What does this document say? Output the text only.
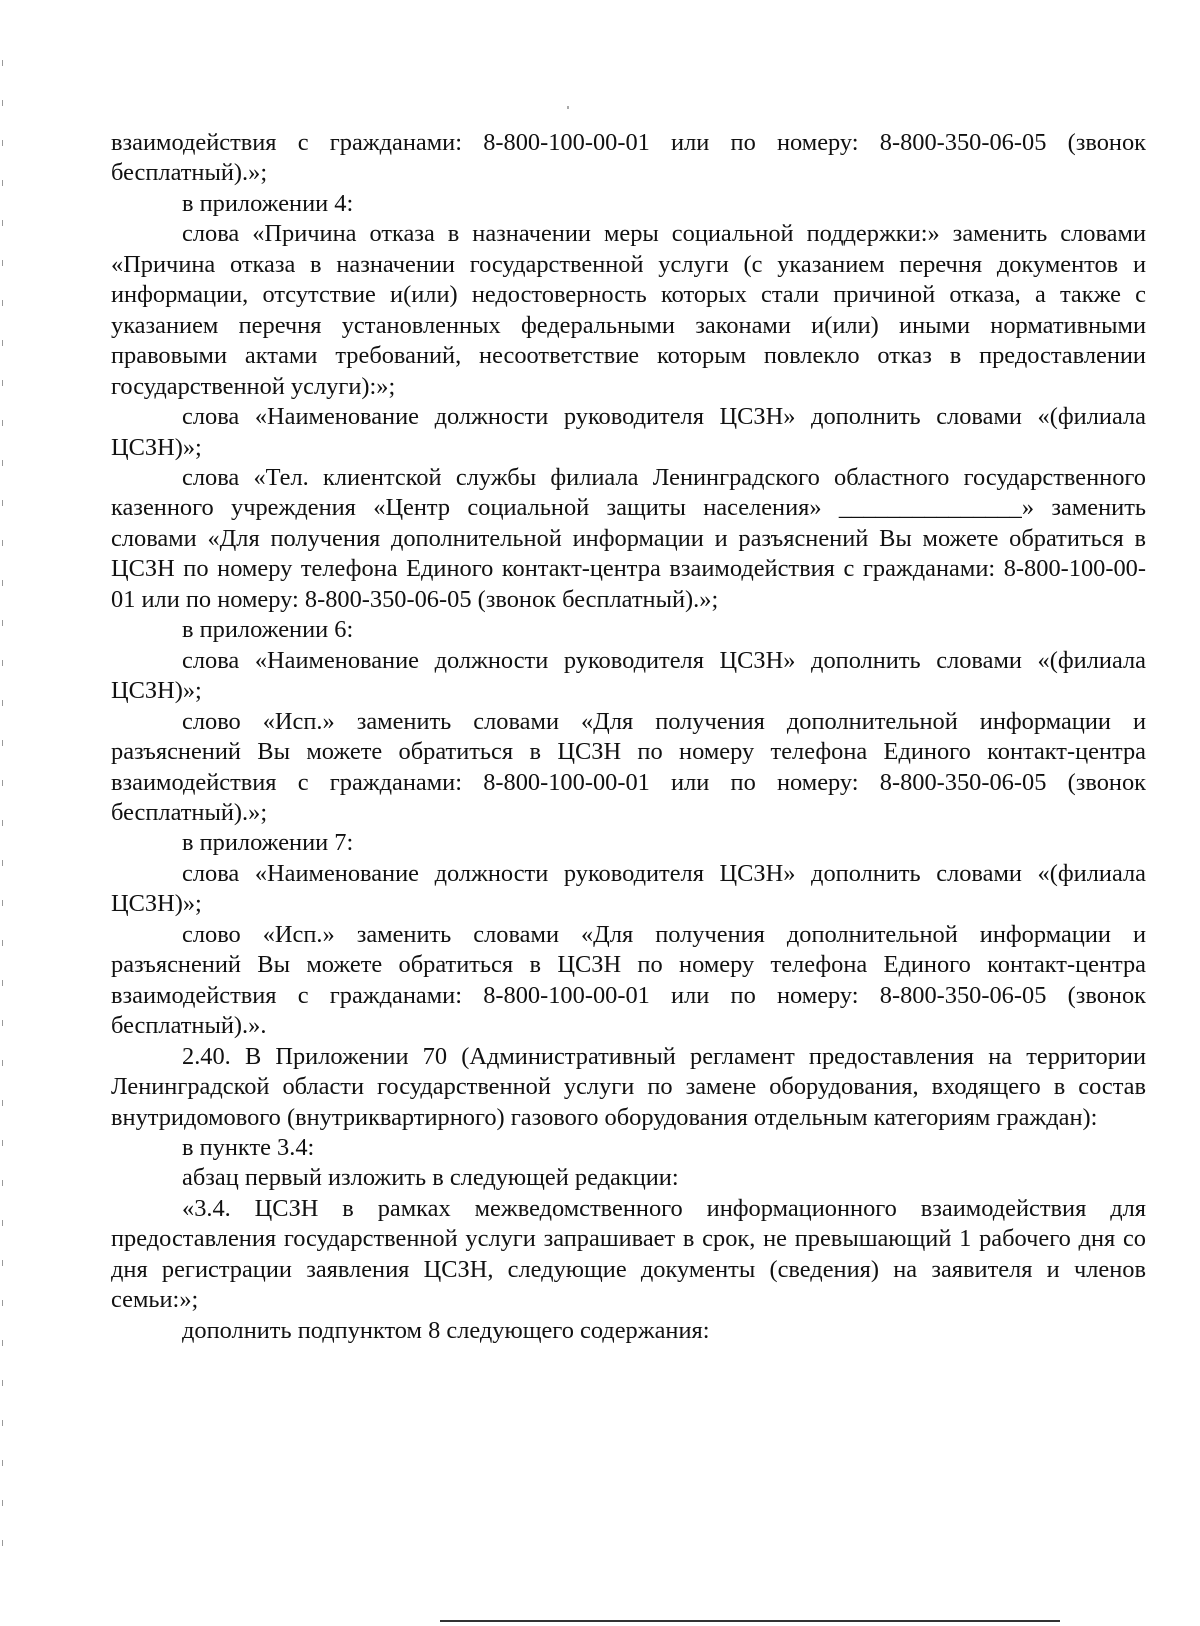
взаимодействия с гражданами: 8-800-100-00-01 или по номеру: 8-800-350-06-05 (звонок бесплатный).»;

в приложении 4:

слова «Причина отказа в назначении меры социальной поддержки:» заменить словами «Причина отказа в назначении государственной услуги (с указанием перечня документов и информации, отсутствие и(или) недостоверность которых стали причиной отказа, а также с указанием перечня установленных федеральными законами и(или) иными нормативными правовыми актами требований, несоответствие которым повлекло отказ в предоставлении государственной услуги):»;

слова «Наименование должности руководителя ЦСЗН» дополнить словами «(филиала ЦСЗН)»;

слова «Тел. клиентской службы филиала Ленинградского областного государственного казенного учреждения «Центр социальной защиты населения» _______________» заменить словами «Для получения дополнительной информации и разъяснений Вы можете обратиться в ЦСЗН по номеру телефона Единого контакт-центра взаимодействия с гражданами: 8-800-100-00-01 или по номеру: 8-800-350-06-05 (звонок бесплатный).»;

в приложении 6:

слова «Наименование должности руководителя ЦСЗН» дополнить словами «(филиала ЦСЗН)»;

слово «Исп.» заменить словами «Для получения дополнительной информации и разъяснений Вы можете обратиться в ЦСЗН по номеру телефона Единого контакт-центра взаимодействия с гражданами: 8-800-100-00-01 или по номеру: 8-800-350-06-05 (звонок бесплатный).»;

в приложении 7:

слова «Наименование должности руководителя ЦСЗН» дополнить словами «(филиала ЦСЗН)»;

слово «Исп.» заменить словами «Для получения дополнительной информации и разъяснений Вы можете обратиться в ЦСЗН по номеру телефона Единого контакт-центра взаимодействия с гражданами: 8-800-100-00-01 или по номеру: 8-800-350-06-05 (звонок бесплатный).».

2.40. В Приложении 70 (Административный регламент предоставления на территории Ленинградской области государственной услуги по замене оборудования, входящего в состав внутридомового (внутриквартирного) газового оборудования отдельным категориям граждан):

в пункте 3.4:

абзац первый изложить в следующей редакции:

«3.4. ЦСЗН в рамках межведомственного информационного взаимодействия для предоставления государственной услуги запрашивает в срок, не превышающий 1 рабочего дня со дня регистрации заявления ЦСЗН, следующие документы (сведения) на заявителя и членов семьи:»;

дополнить подпунктом 8 следующего содержания:
